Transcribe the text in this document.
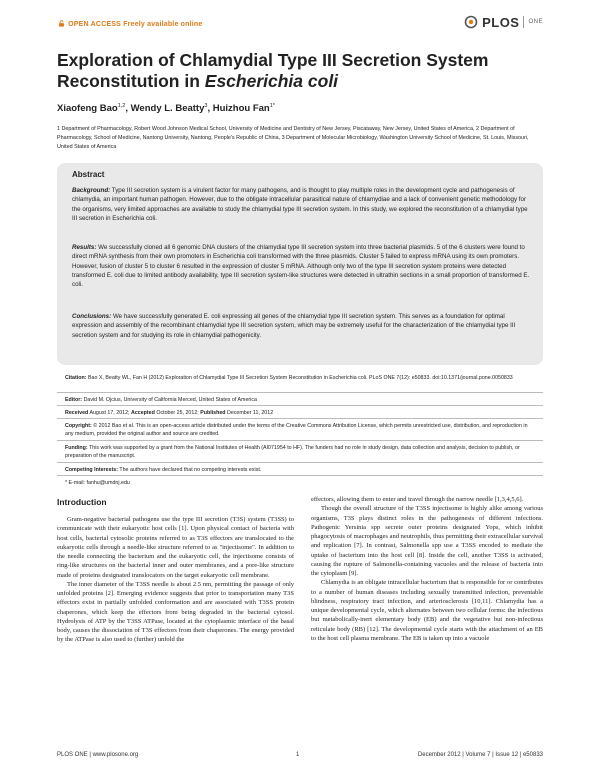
OPEN ACCESS Freely available online	PLOS ONE
Exploration of Chlamydial Type III Secretion System
Reconstitution in Escherichia coli
Xiaofeng Bao$^{1,2}$, Wendy L. Beatty$^3$, Huizhou Fan$^{1*}$
1 Department of Pharmacology, Robert Wood Johnson Medical School, University of Medicine and Dentistry of New Jersey, Piscataway, New Jersey, United States of America, 2 Department of Pharmacology, School of Medicine, Nantong University, Nantong, People's Republic of China, 3 Department of Molecular Microbiology, Washington University School of Medicine, St. Louis, Missouri, United States of America
Abstract
Background: Type III secretion system is a virulent factor for many pathogens, and is thought to play multiple roles in the development cycle and pathogenesis of chlamydia, an important human pathogen. However, due to the obligate intracellular parasitical nature of chlamydiae and a lack of convenient genetic methodology for the organisms, very limited approaches are available to study the chlamydial type III secretion system. In this study, we explored the reconstitution of a chlamydial type III secretion in Escherichia coli.
Results: We successfully cloned all 6 genomic DNA clusters of the chlamydial type III secretion system into three bacterial plasmids. 5 of the 6 clusters were found to direct mRNA synthesis from their own promoters in Escherichia coli transformed with the three plasmids. Cluster 5 failed to express mRNA using its own promoters. However, fusion of cluster 5 to cluster 6 resulted in the expression of cluster 5 mRNA. Although only two of the type III secretion system proteins were detected transformed E. coli due to limited antibody availability, type III secretion system-like structures were detected in ultrathin sections in a small proportion of transformed E. coli.
Conclusions: We have successfully generated E. coli expressing all genes of the chlamydial type III secretion system. This serves as a foundation for optimal expression and assembly of the recombinant chlamydial type III secretion system, which may be extremely useful for the characterization of the chlamydial type III secretion system and for studying its role in chlamydial pathogenicity.
Citation: Bao X, Beatty WL, Fan H (2012) Exploration of Chlamydial Type III Secretion System Reconstitution in Escherichia coli. PLoS ONE 7(12): e50833. doi:10.1371/journal.pone.0050833
Editor: David M. Ojcius, University of California Merced, United States of America
Received August 17, 2012; Accepted October 25, 2012; Published December 11, 2012
Copyright: © 2012 Bao et al. This is an open-access article distributed under the terms of the Creative Commons Attribution License, which permits unrestricted use, distribution, and reproduction in any medium, provided the original author and source are credited.
Funding: This work was supported by a grant from the National Institutes of Health (AI071954 to HF). The funders had no role in study design, data collection and analysis, decision to publish, or preparation of the manuscript.
Competing Interests: The authors have declared that no competing interests exist.
* E-mail: fanhu@umdnj.edu
Introduction

Gram-negative bacterial pathogens use the type III secretion (T3S) system (T3SS) to communicate with their eukaryotic host cells [1]. Upon physical contact of bacteria with host cells, bacterial cytosolic proteins referred to as T3S effectors are translocated to the eukaryotic cells through a needle-like structure referred to as "injectisome". In addition to the needle connecting the bacterium and the eukaryotic cell, the injectisome consists of ring-like structures on the bacterial inner and outer membranes, and a pore-like structure made of proteins designated translocators on the target eukaryotic cell membrane.

The inner diameter of the T3SS needle is about 2.5 nm, permitting the passage of only unfolded proteins [2]. Emerging evidence suggests that prior to transportation many T3S effectors exist in partially unfolded conformation and are associated with T3SS protein chaperones, which keep the effectors from being degraded in the bacterial cytosol. Hydrolysis of ATP by the T3SS ATPase, located at the cytoplasmic interface of the basal body, causes the dissociation of T3S effectors from their chaperones. The energy provided by the ATPase is also used to (further) unfold the

effectors, allowing them to enter and travel through the narrow needle [1,3,4,5,6].

Though the overall structure of the T3SS injectisome is highly alike among various organisms, T3S plays distinct roles in the pathogenesis of different infections. Pathogenic Yersinia spp secrete outer proteins designated Yops, which inhibit phagocytosis of macrophages and neutrophils, thus permitting their extracellular survival and replication [7]. In contrast, Salmonella spp use a T3SS encoded to mediate the uptake of bacterium into the host cell [8]. Inside the cell, another T3SS is activated, causing the rupture of Salmonella-containing vacuoles and the release of bacteria into the cytoplasm [9].

Chlamydia is an obligate intracellular bacterium that is responsible for or contributes to a number of human diseases including sexually transmitted infection, preventable blindness, respiratory tract infection, and arteriosclerosis [10,11]. Chlamydia has a unique developmental cycle, which alternates between two cellular forms: the infectious but metabolically-inert elementary body (EB) and the vegetative but non-infectious reticulate body (RB) [12]. The developmental cycle starts with the attachment of an EB to the host cell plasma membrane. The EB is taken up into a vacuole

PLOS ONE | www.plosone.org	1	December 2012 | Volume 7 | Issue 12 | e50833
